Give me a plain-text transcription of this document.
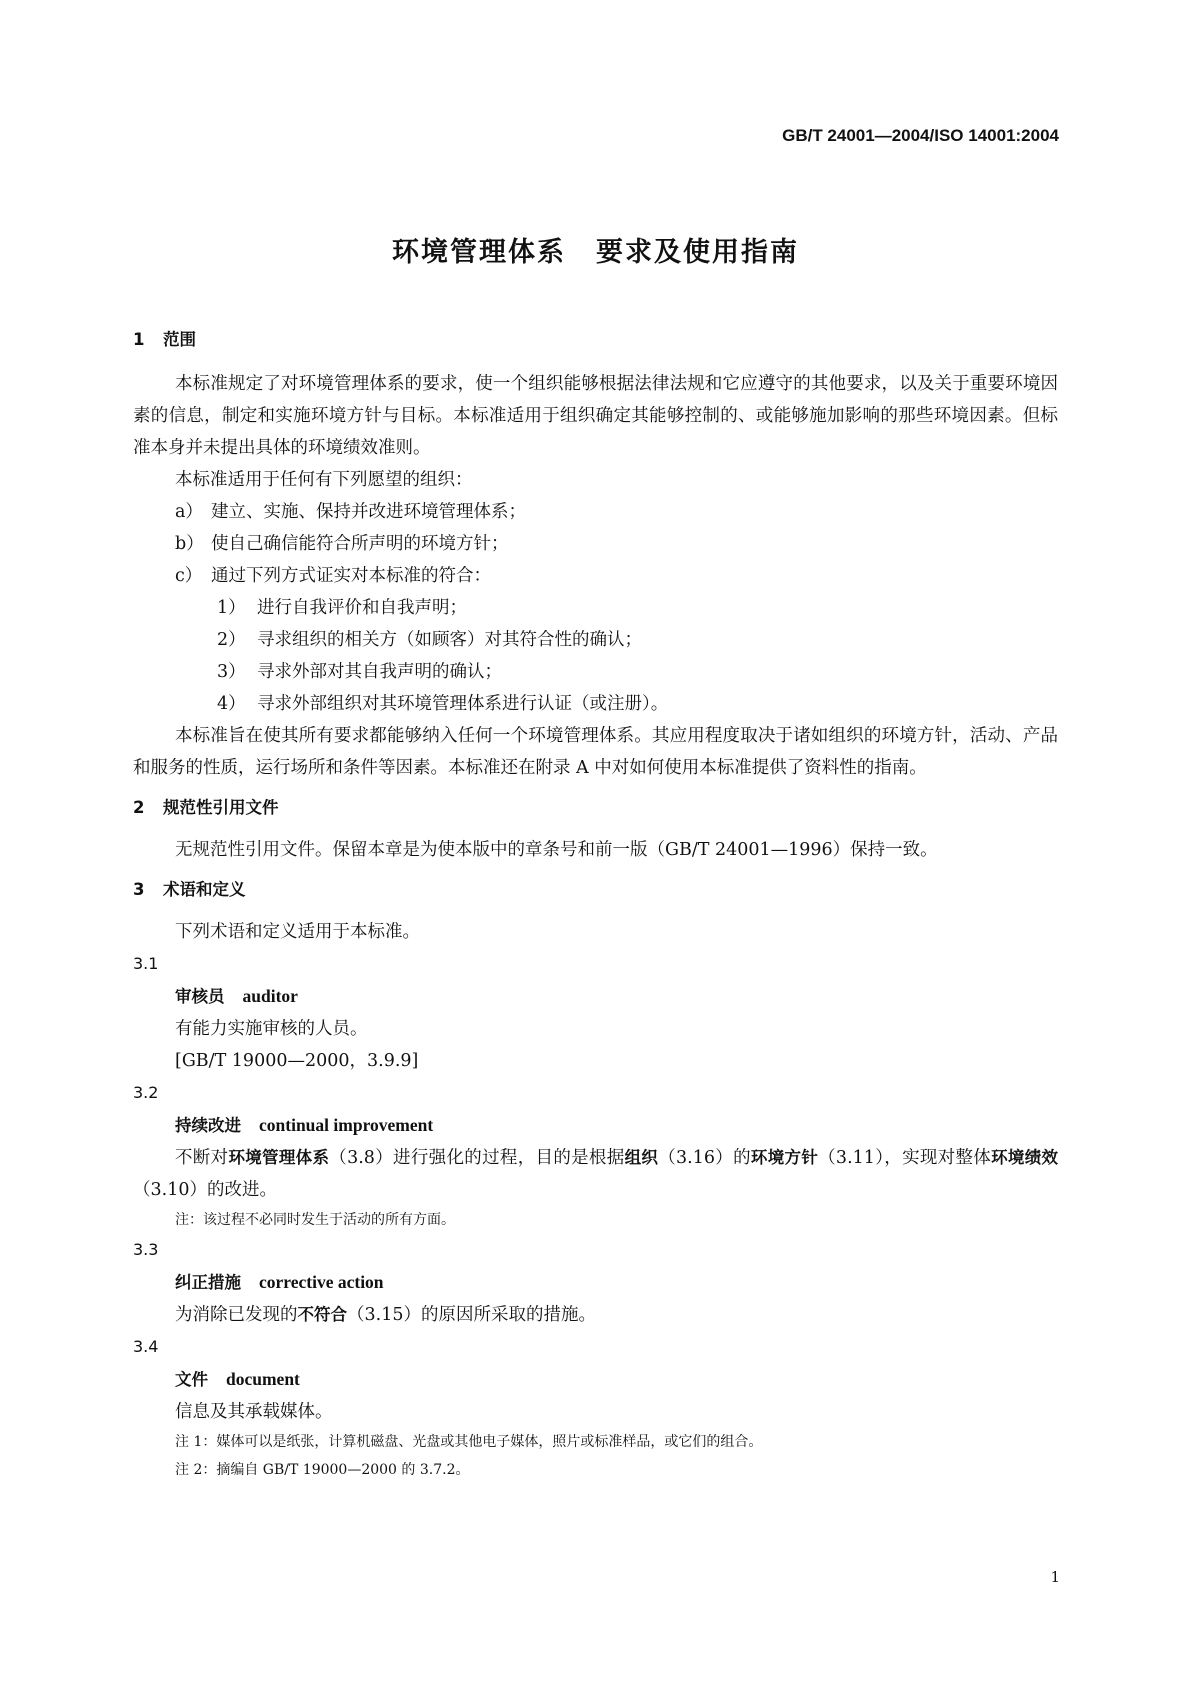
GB/T 24001—2004/ISO 14001:2004
环境管理体系 要求及使用指南

1 范围

本标准规定了对环境管理体系的要求，使一个组织能够根据法律法规和它应遵守的其他要求，以及关于重要环境因素的信息，制定和实施环境方针与目标。本标准适用于组织确定其能够控制的、或能够施加影响的那些环境因素。但标准本身并未提出具体的环境绩效准则。

本标准适用于任何有下列愿望的组织：

a） 建立、实施、保持并改进环境管理体系；

b） 使自己确信能符合所声明的环境方针；

c） 通过下列方式证实对本标准的符合：

1） 进行自我评价和自我声明；

2） 寻求组织的相关方（如顾客）对其符合性的确认；

3） 寻求外部对其自我声明的确认；

4） 寻求外部组织对其环境管理体系进行认证（或注册）。

本标准旨在使其所有要求都能够纳入任何一个环境管理体系。其应用程度取决于诸如组织的环境方针，活动、产品和服务的性质，运行场所和条件等因素。本标准还在附录 A 中对如何使用本标准提供了资料性的指南。

2 规范性引用文件

无规范性引用文件。保留本章是为使本版中的章条号和前一版（GB/T 24001—1996）保持一致。

3 术语和定义

下列术语和定义适用于本标准。

3.1

审核员 auditor

有能力实施审核的人员。

[GB/T 19000—2000，3.9.9]

3.2

持续改进 continual improvement

不断对环境管理体系（3.8）进行强化的过程，目的是根据组织（3.16）的环境方针（3.11），实现对整体环境绩效（3.10）的改进。

注：该过程不必同时发生于活动的所有方面。

3.3

纠正措施 corrective action

为消除已发现的不符合（3.15）的原因所采取的措施。

3.4

文件 document

信息及其承载媒体。

注 1：媒体可以是纸张，计算机磁盘、光盘或其他电子媒体，照片或标准样品，或它们的组合。

注 2：摘编自 GB/T 19000—2000 的 3.7.2。

1
